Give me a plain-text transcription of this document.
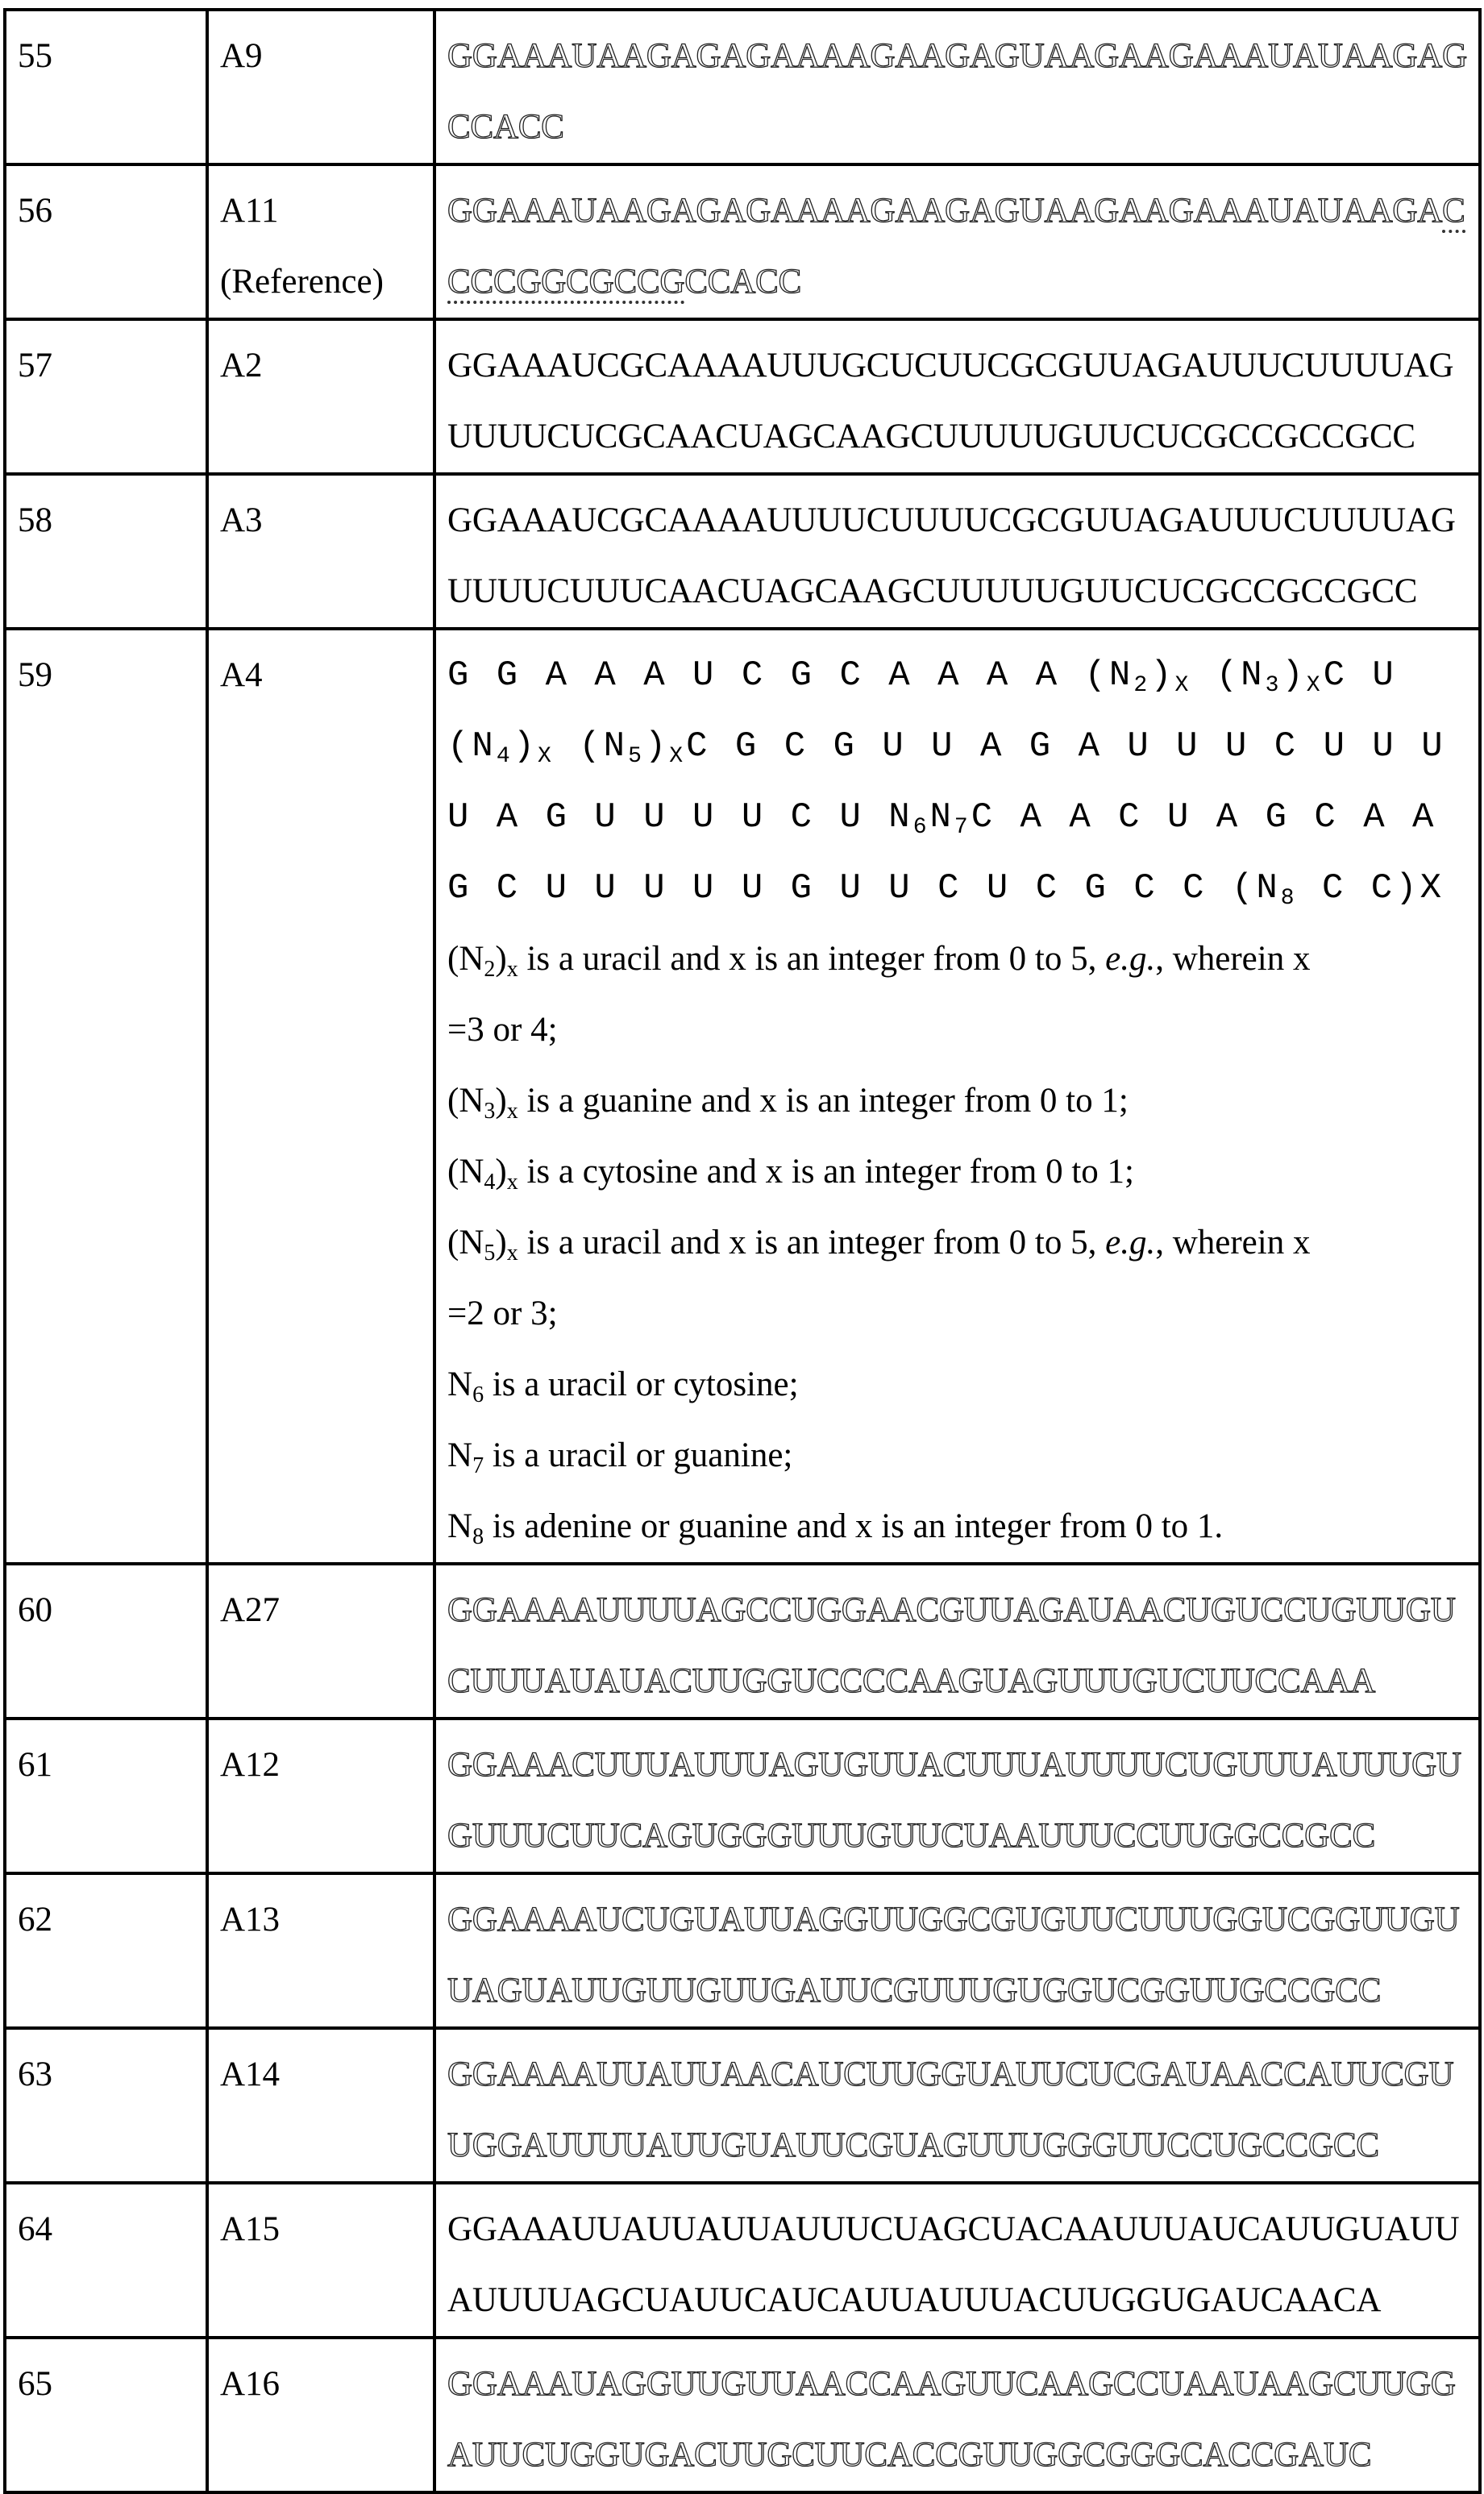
55	A9	GGAAAUAAGAGAGAAAAGAAGAGUAAGAAGAAAUAUAAGAG
CCACC

56	A11
(Reference)	
GGAAAUAAGAGAGAAAAGAAGAGUAAGAAGAAAUAUAAGAC
CCCGGCGCCGCCACC

57	A2	GGAAAUCGCAAAAUUUGCUCUUCGCGUUAGAUUUCUUUUAG
UUUUCUCGCAACUAGCAAGCUUUUUGUUCUCGCCGCCGCC

58	A3	GGAAAUCGCAAAAUUUUCUUUUCGCGUUAGAUUUCUUUUAG
UUUUCUUUCAACUAGCAAGCUUUUUGUUCUCGCCGCCGCC

59	A4	G G A A A U C G C A A A A (N2)X (N3)XC U
(N4)X (N5)XC G C G U U A G A U U U C U U U
U A G U U U U C U N6N7C A A C U A G C A A
G C U U U U U G U U C U C G C C (N8 C C)X
(N2)x is a uracil and x is an integer from 0 to 5, e.g., wherein x
=3 or 4;
(N3)x is a guanine and x is an integer from 0 to 1;
(N4)x is a cytosine and x is an integer from 0 to 1;
(N5)x is a uracil and x is an integer from 0 to 5, e.g., wherein x
=2 or 3;
N6 is a uracil or cytosine;
N7 is a uracil or guanine;
N8 is adenine or guanine and x is an integer from 0 to 1.

60	A27	GGAAAAUUUUAGCCUGGAACGUUAGAUAACUGUCCUGUUGU
CUUUAUAUACUUGGUCCCCAAGUAGUUUGUCUUCCAAA

61	A12	GGAAACUUUAUUUAGUGUUACUUUAUUUUCUGUUUAUUUGU
GUUUCUUCAGUGGGUUUGUUCUAAUUUCCUUGGCCGCC

62	A13	GGAAAAUCUGUAUUAGGUUGGCGUGUUCUUUGGUCGGUUGU
UAGUAUUGUUGUUGAUUCGUUUGUGGUCGGUUGCCGCC

63	A14	GGAAAAUUAUUAACAUCUUGGUAUUCUCGAUAACCAUUCGU
UGGAUUUUAUUGUAUUCGUAGUUUGGGUUCCUGCCGCC

64	A15	GGAAAUUAUUAUUAUUUCUAGCUACAAUUUAUCAUUGUAUU
AUUUUAGCUAUUCAUCAUUAUUUACUUGGUGAUCAACA

65	A16	GGAAAUAGGUUGUUAACCAAGUUCAAGCCUAAUAAGCUUGG
AUUCUGGUGACUUGCUUCACCGUUGGCGGGCACCGAUC
